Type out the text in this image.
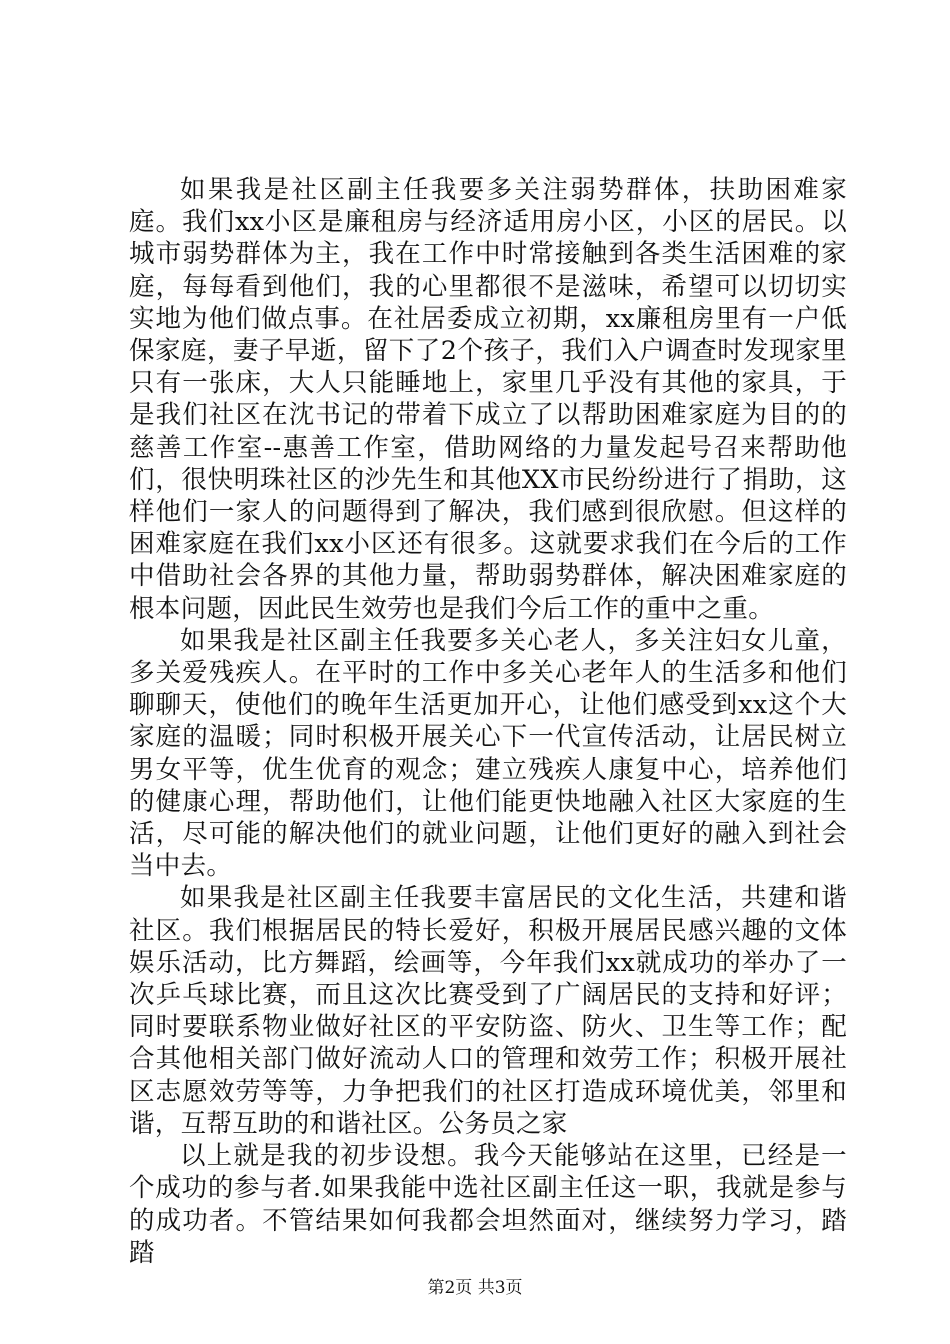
如果我是社区副主任我要多关注弱势群体，扶助困难家庭。我们xx小区是廉租房与经济适用房小区，小区的居民。以城市弱势群体为主，我在工作中时常接触到各类生活困难的家庭，每每看到他们，我的心里都很不是滋味，希望可以切切实实地为他们做点事。在社居委成立初期，xx廉租房里有一户低保家庭，妻子早逝，留下了2个孩子，我们入户调查时发现家里只有一张床，大人只能睡地上，家里几乎没有其他的家具，于是我们社区在沈书记的带着下成立了以帮助困难家庭为目的的慈善工作室--惠善工作室，借助网络的力量发起号召来帮助他们，很快明珠社区的沙先生和其他XX市民纷纷进行了捐助，这样他们一家人的问题得到了解决，我们感到很欣慰。但这样的困难家庭在我们xx小区还有很多。这就要求我们在今后的工作中借助社会各界的其他力量，帮助弱势群体，解决困难家庭的根本问题，因此民生效劳也是我们今后工作的重中之重。

如果我是社区副主任我要多关心老人，多关注妇女儿童，多关爱残疾人。在平时的工作中多关心老年人的生活多和他们聊聊天，使他们的晚年生活更加开心，让他们感受到xx这个大家庭的温暖；同时积极开展关心下一代宣传活动，让居民树立男女平等，优生优育的观念；建立残疾人康复中心，培养他们的健康心理，帮助他们，让他们能更快地融入社区大家庭的生活，尽可能的解决他们的就业问题，让他们更好的融入到社会当中去。

如果我是社区副主任我要丰富居民的文化生活，共建和谐社区。我们根据居民的特长爱好，积极开展居民感兴趣的文体娱乐活动，比方舞蹈，绘画等，今年我们xx就成功的举办了一次乒乓球比赛，而且这次比赛受到了广阔居民的支持和好评；同时要联系物业做好社区的平安防盗、防火、卫生等工作；配合其他相关部门做好流动人口的管理和效劳工作；积极开展社区志愿效劳等等，力争把我们的社区打造成环境优美，邻里和谐，互帮互助的和谐社区。公务员之家

以上就是我的初步设想。我今天能够站在这里，已经是一个成功的参与者.如果我能中选社区副主任这一职，我就是参与的成功者。不管结果如何我都会坦然面对，继续努力学习，踏踏

第2页 共3页
